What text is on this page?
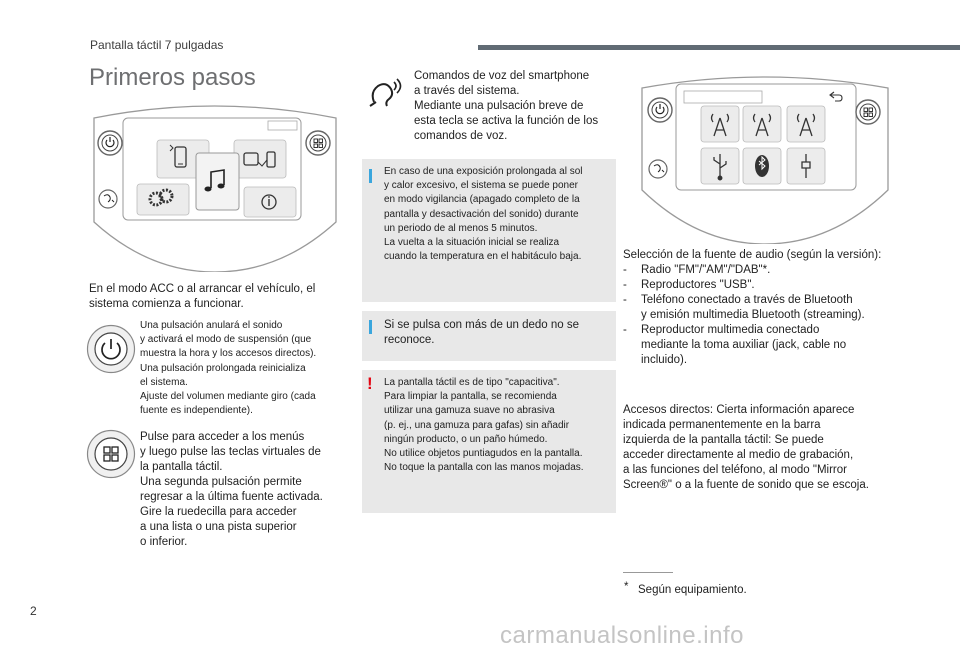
Pantalla táctil 7 pulgadas
Primeros pasos
En el modo ACC o al arrancar el vehículo, el sistema comienza a funcionar.
Una pulsación anulará el sonido
y activará el modo de suspensión (que
muestra la hora y los accesos directos).
Una pulsación prolongada reinicializa
el sistema.
Ajuste del volumen mediante giro (cada
fuente es independiente).
Pulse para acceder a los menús
y luego pulse las teclas virtuales de
la pantalla táctil.
Una segunda pulsación permite
regresar a la última fuente activada.
Gire la ruedecilla para acceder
a una lista o una pista superior
o inferior.
Comandos de voz del smartphone
a través del sistema.
Mediante una pulsación breve de
esta tecla se activa la función de los
comandos de voz.
En caso de una exposición prolongada al sol
y calor excesivo, el sistema se puede poner
en modo vigilancia (apagado completo de la
pantalla y desactivación del sonido) durante
un periodo de al menos 5 minutos.
La vuelta a la situación inicial se realiza
cuando la temperatura en el habitáculo baja.
Si se pulsa con más de un dedo no se
reconoce.
! La pantalla táctil es de tipo "capacitiva".
Para limpiar la pantalla, se recomienda
utilizar una gamuza suave no abrasiva
(p. ej., una gamuza para gafas) sin añadir
ningún producto, o un paño húmedo.
No utilice objetos puntiagudos en la pantalla.
No toque la pantalla con las manos mojadas.
Selección de la fuente de audio (según la versión):
- Radio "FM"/"AM"/"DAB"*.
- Reproductores "USB".
- Teléfono conectado a través de Bluetooth
y emisión multimedia Bluetooth (streaming).
- Reproductor multimedia conectado
mediante la toma auxiliar (jack, cable no incluido).
Accesos directos: Cierta información aparece
indicada permanentemente en la barra
izquierda de la pantalla táctil: Se puede
acceder directamente al medio de grabación,
a las funciones del teléfono, al modo "Mirror
Screen®" o a la fuente de sonido que se escoja.
* Según equipamiento.
2
carmanualsonline.info
